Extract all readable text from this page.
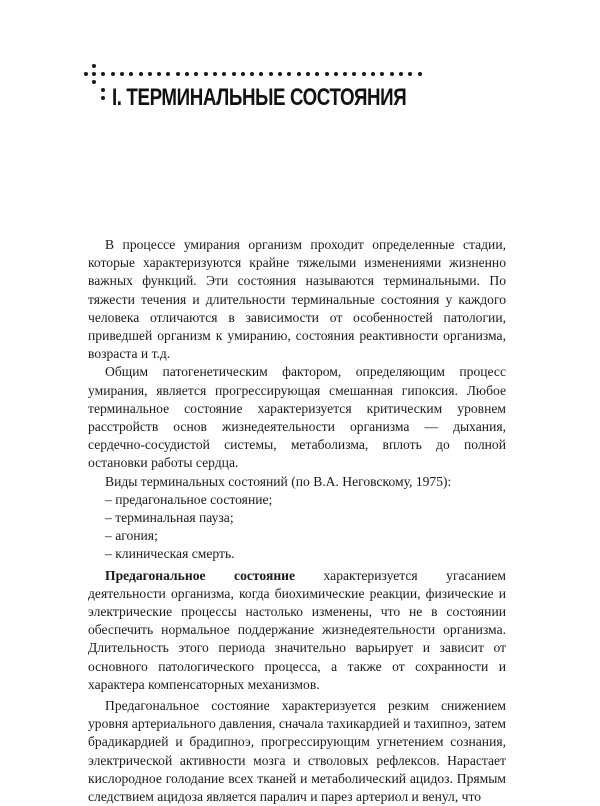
I. ТЕРМИНАЛЬНЫЕ СОСТОЯНИЯ

В процессе умирания организм проходит определенные стадии, которые характеризуются крайне тяжелыми изменениями жизненно важных функций. Эти состояния называются терминальными. По тяжести течения и длительности терминальные состояния у каждого человека отличаются в зависимости от особенностей патологии, приведшей организм к умиранию, состояния реактивности организма, возраста и т.д.

Общим патогенетическим фактором, определяющим процесс умирания, является прогрессирующая смешанная гипоксия. Любое терминальное состояние характеризуется критическим уровнем расстройств основ жизнедеятельности организма — дыхания, сердечно-сосудистой системы, метаболизма, вплоть до полной остановки работы сердца.

Виды терминальных состояний (по В.А. Неговскому, 1975):

– предагональное состояние;
– терминальная пауза;
– агония;
– клиническая смерть.

Предагональное состояние характеризуется угасанием деятельности организма, когда биохимические реакции, физические и электрические процессы настолько изменены, что не в состоянии обеспечить нормальное поддержание жизнедеятельности организма. Длительность этого периода значительно варьирует и зависит от основного патологического процесса, а также от сохранности и характера компенсаторных механизмов.

Предагональное состояние характеризуется резким снижением уровня артериального давления, сначала тахикардией и тахипноэ, затем брадикардией и брадипноэ, прогрессирующим угнетением сознания, электрической активности мозга и стволовых рефлексов. Нарастает кислородное голодание всех тканей и метаболический ацидоз. Прямым следствием ацидоза является паралич и парез артериол и венул, что
